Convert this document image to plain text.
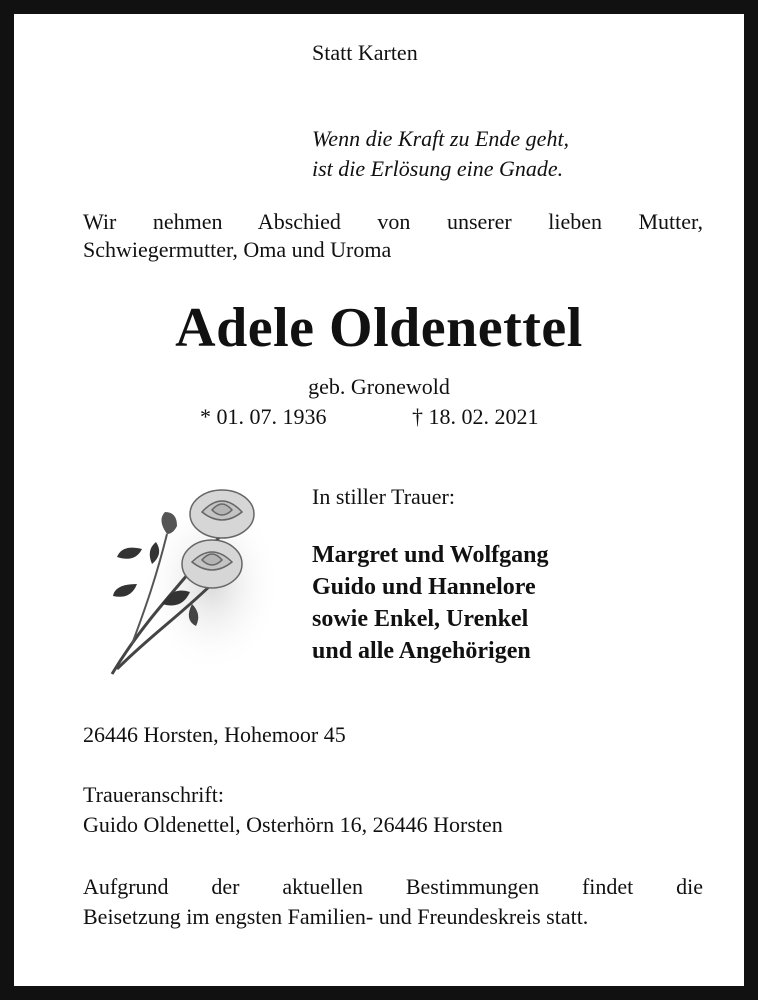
Statt Karten

Wenn die Kraft zu Ende geht,

ist die Erlösung eine Gnade.

Wir nehmen Abschied von unserer lieben Mutter,
Schwiegermutter, Oma und Uroma
Adele Oldenettel

geb. Gronewold

* 01. 07. 1936	† 18. 02. 2021

In stiller Trauer:

Margret und Wolfgang

Guido und Hannelore

sowie Enkel, Urenkel

und alle Angehörigen

26446 Horsten, Hohemoor 45

Traueranschrift:

Guido Oldenettel, Osterhörn 16, 26446 Horsten

Aufgrund der aktuellen Bestimmungen findet die

Beisetzung im engsten Familien- und Freundeskreis statt.
